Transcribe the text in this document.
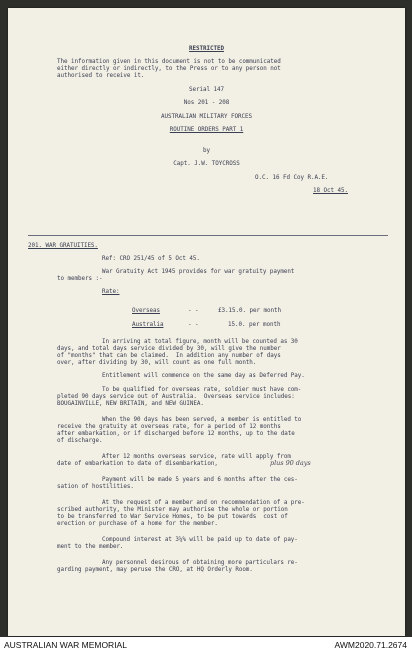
RESTRICTED
The information given in this document is not to be communicated
either directly or indirectly, to the Press or to any person not
authorised to receive it.
Serial 147
Nos 201 - 208
AUSTRALIAN MILITARY FORCES
ROUTINE ORDERS PART 1
by
Capt. J.W. TOYCROSS
O.C. 16 Fd Coy R.A.E.
18 Oct 45.
201. WAR GRATUITIES.
Ref: CRO 251/45 of 5 Oct 45.
War Gratuity Act 1945 provides for war gratuity payment
to members :-
Rate:
Overseas	- -	£3.15.0. per month
Australia	- -	15.0. per month
In arriving at total figure, month will be counted as 30
days, and total days service divided by 30, will give the number
of "months" that can be claimed.  In addition any number of days
over, after dividing by 30, will count as one full month.
Entitlement will commence on the same day as Deferred Pay.
To be qualified for overseas rate, soldier must have com-
pleted 90 days service out of Australia.  Overseas service includes:
BOUGAINVILLE, NEW BRITAIN, and NEW GUINEA.
When the 90 days has been served, a member is entitled to
receive the gratuity at overseas rate, for a period of 12 months
after embarkation, or if discharged before 12 months, up to the date
of discharge.
After 12 months overseas service, rate will apply from
date of embarkation to date of disembarkation,	plus 90 days
Payment will be made 5 years and 6 months after the ces-
sation of hostilities.
At the request of a member and on recommendation of a pre-
scribed authority, the Minister may authorise the whole or portion
to be transferred to War Service Homes, to be put towards  cost of
erection or purchase of a home for the member.
Compound interest at 3¼% will be paid up to date of pay-
ment to the member.
Any personnel desirous of obtaining more particulars re-
garding payment, may peruse the CRO, at HQ Orderly Room.
AUSTRALIAN WAR MEMORIAL	AWM2020.71.2674
